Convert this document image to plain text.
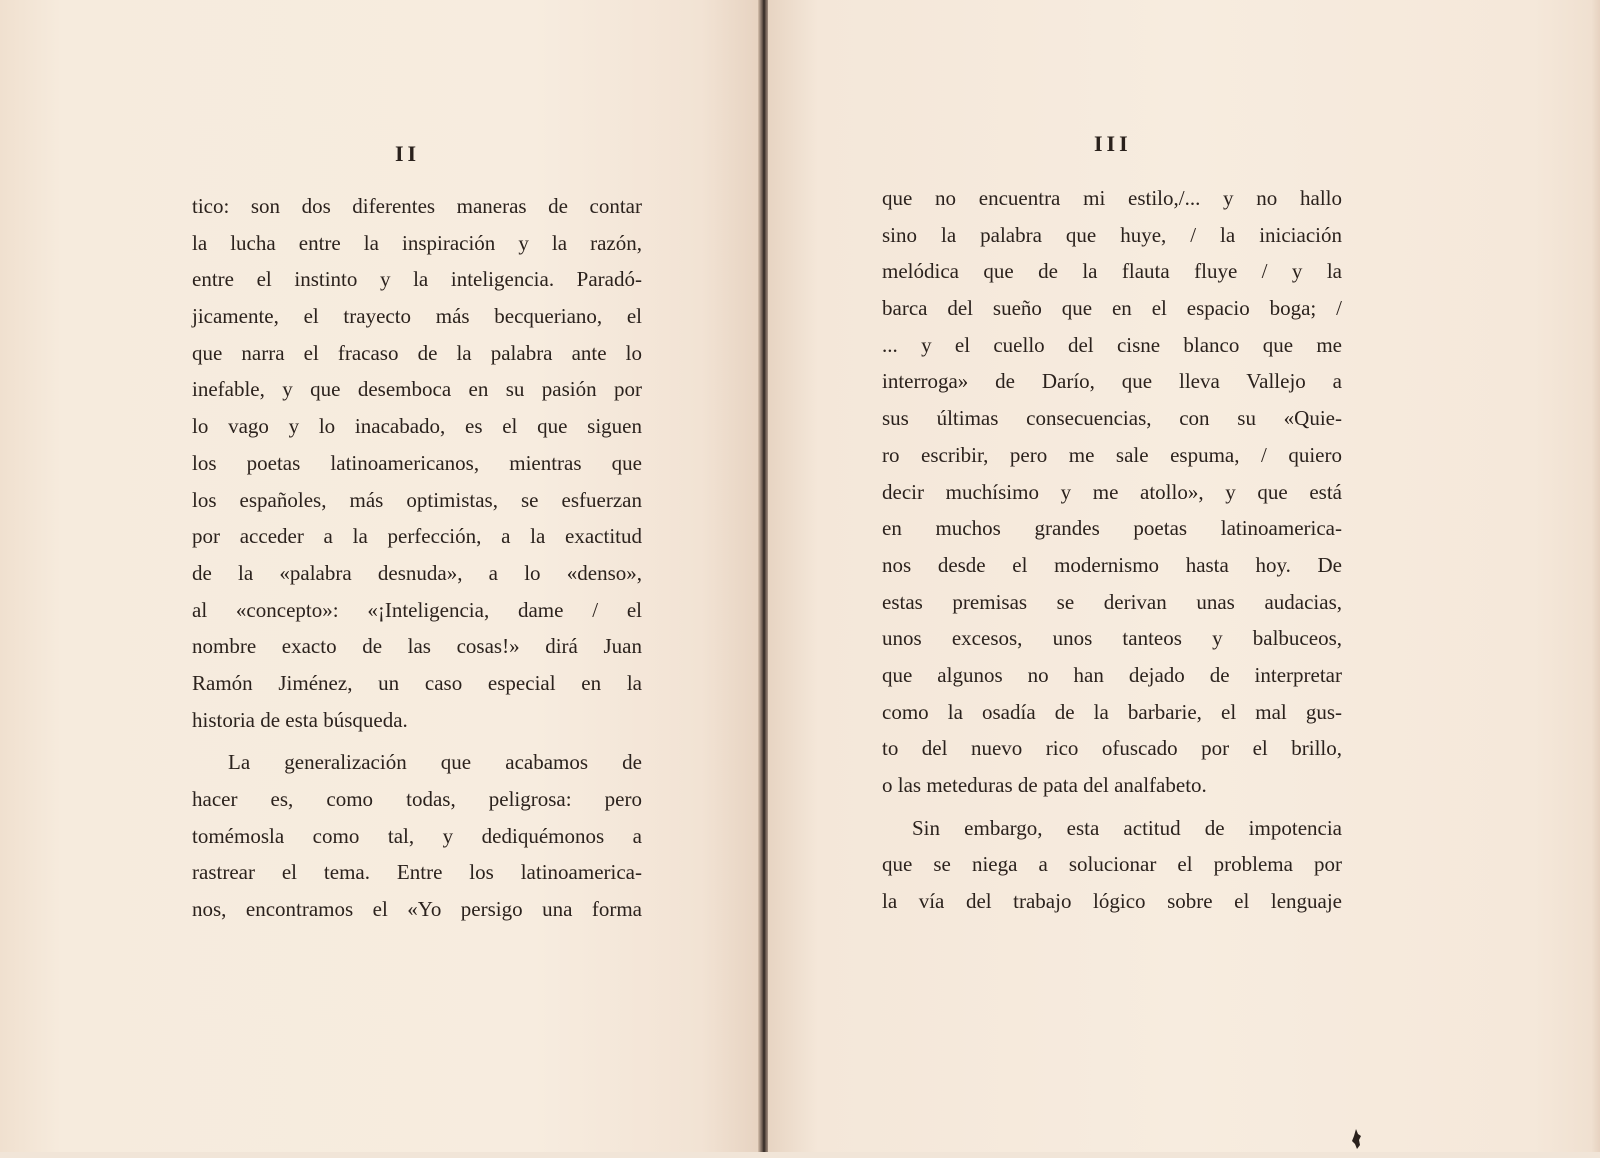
II
tico: son dos diferentes maneras de contar
la lucha entre la inspiración y la razón,
entre el instinto y la inteligencia. Paradó-
jicamente, el trayecto más becqueriano, el
que narra el fracaso de la palabra ante lo
inefable, y que desemboca en su pasión por
lo vago y lo inacabado, es el que siguen
los poetas latinoamericanos, mientras que
los españoles, más optimistas, se esfuerzan
por acceder a la perfección, a la exactitud
de la «palabra desnuda», a lo «denso»,
al «concepto»: «¡Inteligencia, dame / el
nombre exacto de las cosas!» dirá Juan
Ramón Jiménez, un caso especial en la
historia de esta búsqueda.
La generalización que acabamos de
hacer es, como todas, peligrosa: pero
tomémosla como tal, y dediquémonos a
rastrear el tema. Entre los latinoamerica-
nos, encontramos el «Yo persigo una forma
III
que no encuentra mi estilo,/... y no hallo
sino la palabra que huye, / la iniciación
melódica que de la flauta fluye / y la
barca del sueño que en el espacio boga; /
... y el cuello del cisne blanco que me
interroga» de Darío, que lleva Vallejo a
sus últimas consecuencias, con su «Quie-
ro escribir, pero me sale espuma, / quiero
decir muchísimo y me atollo», y que está
en muchos grandes poetas latinoamerica-
nos desde el modernismo hasta hoy. De
estas premisas se derivan unas audacias,
unos excesos, unos tanteos y balbuceos,
que algunos no han dejado de interpretar
como la osadía de la barbarie, el mal gus-
to del nuevo rico ofuscado por el brillo,
o las meteduras de pata del analfabeto.
Sin embargo, esta actitud de impotencia
que se niega a solucionar el problema por
la vía del trabajo lógico sobre el lenguaje
